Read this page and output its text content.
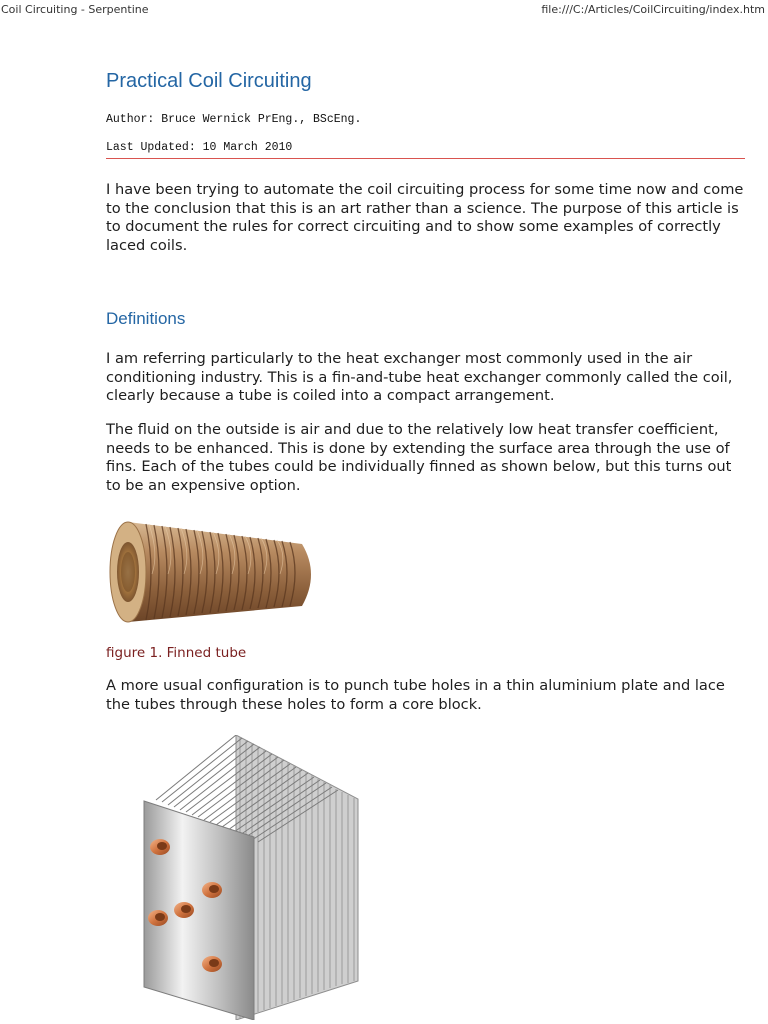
Coil Circuiting - Serpentine	file:///C:/Articles/CoilCircuiting/index.htm
Practical Coil Circuiting
Author: Bruce Wernick PrEng., BScEng.
Last Updated: 10 March 2010

I have been trying to automate the coil circuiting process for some time now and come to the conclusion that this is an art rather than a science. The purpose of this article is to document the rules for correct circuiting and to show some examples of correctly laced coils.

Definitions

I am referring particularly to the heat exchanger most commonly used in the air conditioning industry. This is a fin-and-tube heat exchanger commonly called the coil, clearly because a tube is coiled into a compact arrangement.

The fluid on the outside is air and due to the relatively low heat transfer coefficient, needs to be enhanced. This is done by extending the surface area through the use of fins. Each of the tubes could be individually finned as shown below, but this turns out to be an expensive option.

figure 1. Finned tube

A more usual configuration is to punch tube holes in a thin aluminium plate and lace the tubes through these holes to form a core block.
